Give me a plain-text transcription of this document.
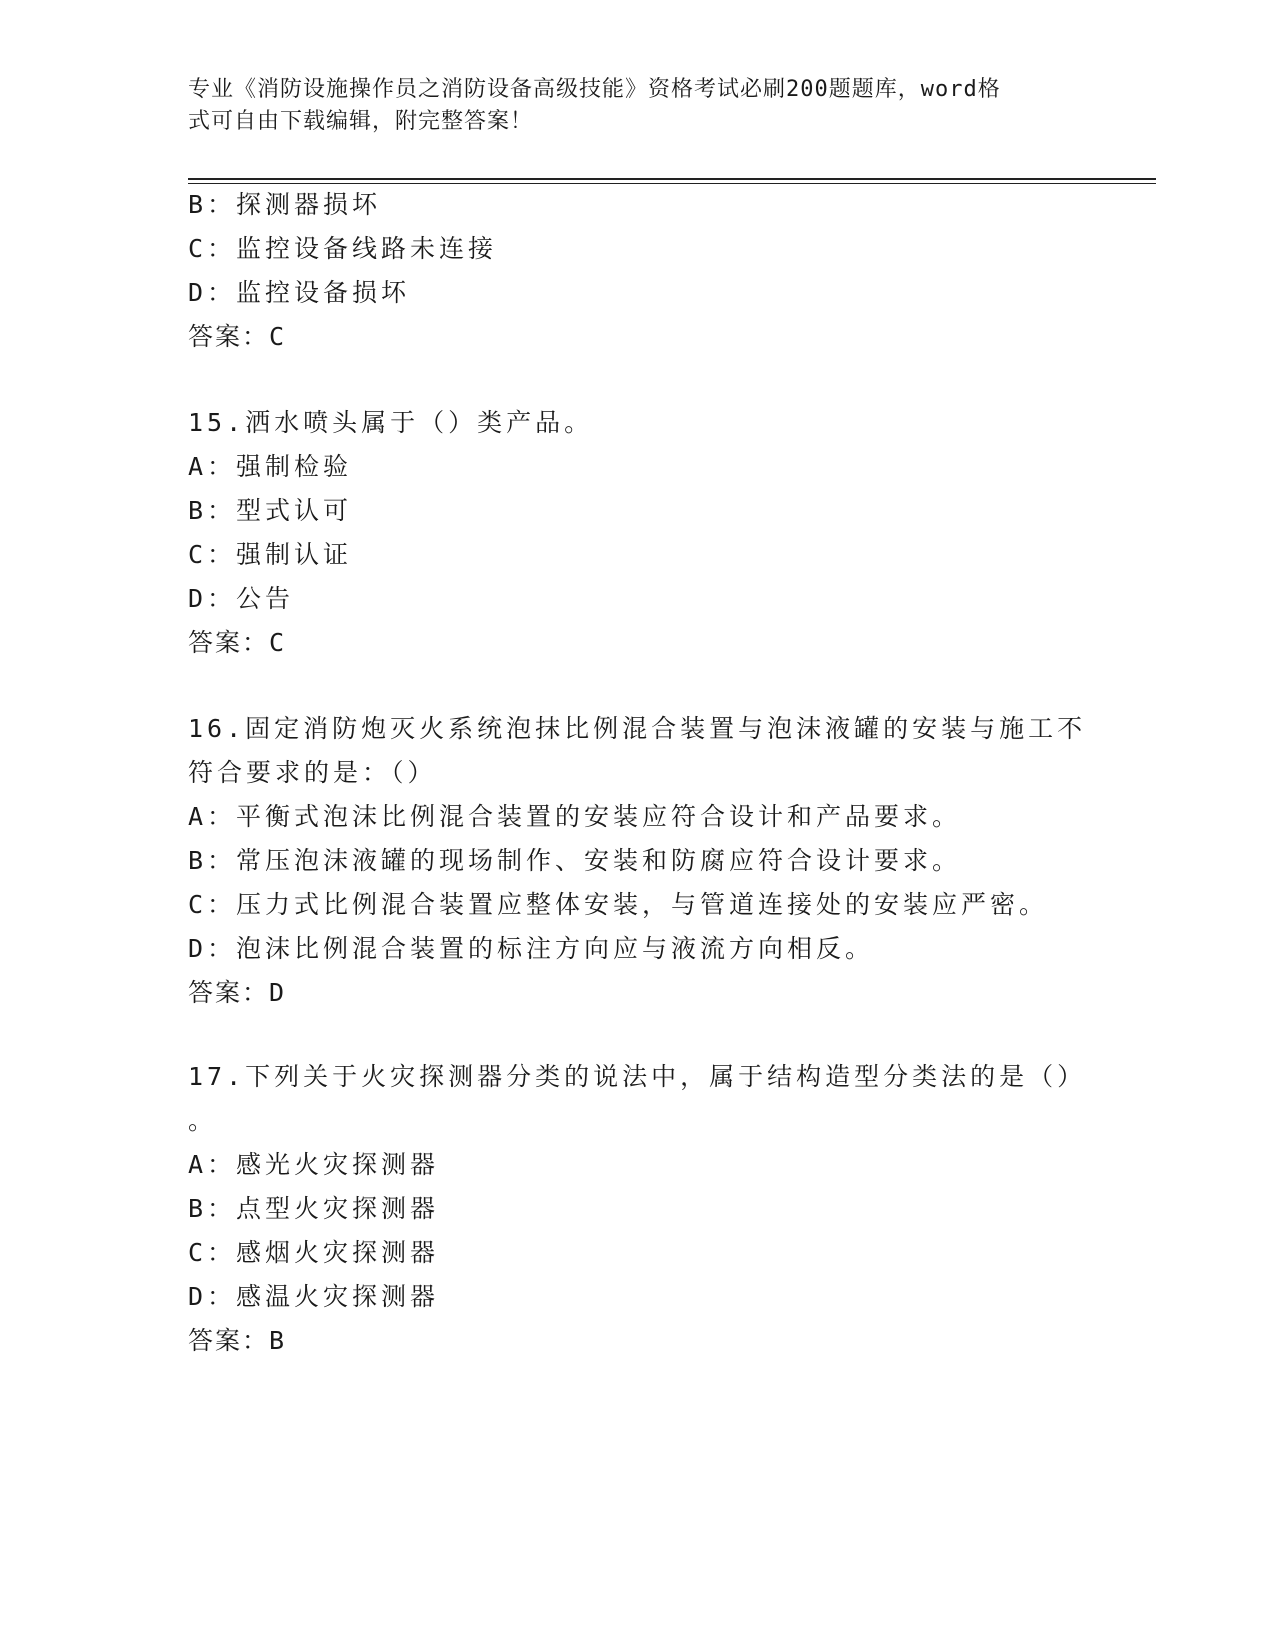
专业《消防设施操作员之消防设备高级技能》资格考试必刷200题题库，word格
式可自由下载编辑，附完整答案！
B：探测器损坏
C：监控设备线路未连接
D：监控设备损坏
答案：C
15.洒水喷头属于（）类产品。
A：强制检验
B：型式认可
C：强制认证
D：公告
答案：C
16.固定消防炮灭火系统泡抹比例混合装置与泡沫液罐的安装与施工不
符合要求的是：（）
A：平衡式泡沫比例混合装置的安装应符合设计和产品要求。
B：常压泡沫液罐的现场制作、安装和防腐应符合设计要求。
C：压力式比例混合装置应整体安装，与管道连接处的安装应严密。
D：泡沫比例混合装置的标注方向应与液流方向相反。
答案：D
17.下列关于火灾探测器分类的说法中，属于结构造型分类法的是（）
。
A：感光火灾探测器
B：点型火灾探测器
C：感烟火灾探测器
D：感温火灾探测器
答案：B
